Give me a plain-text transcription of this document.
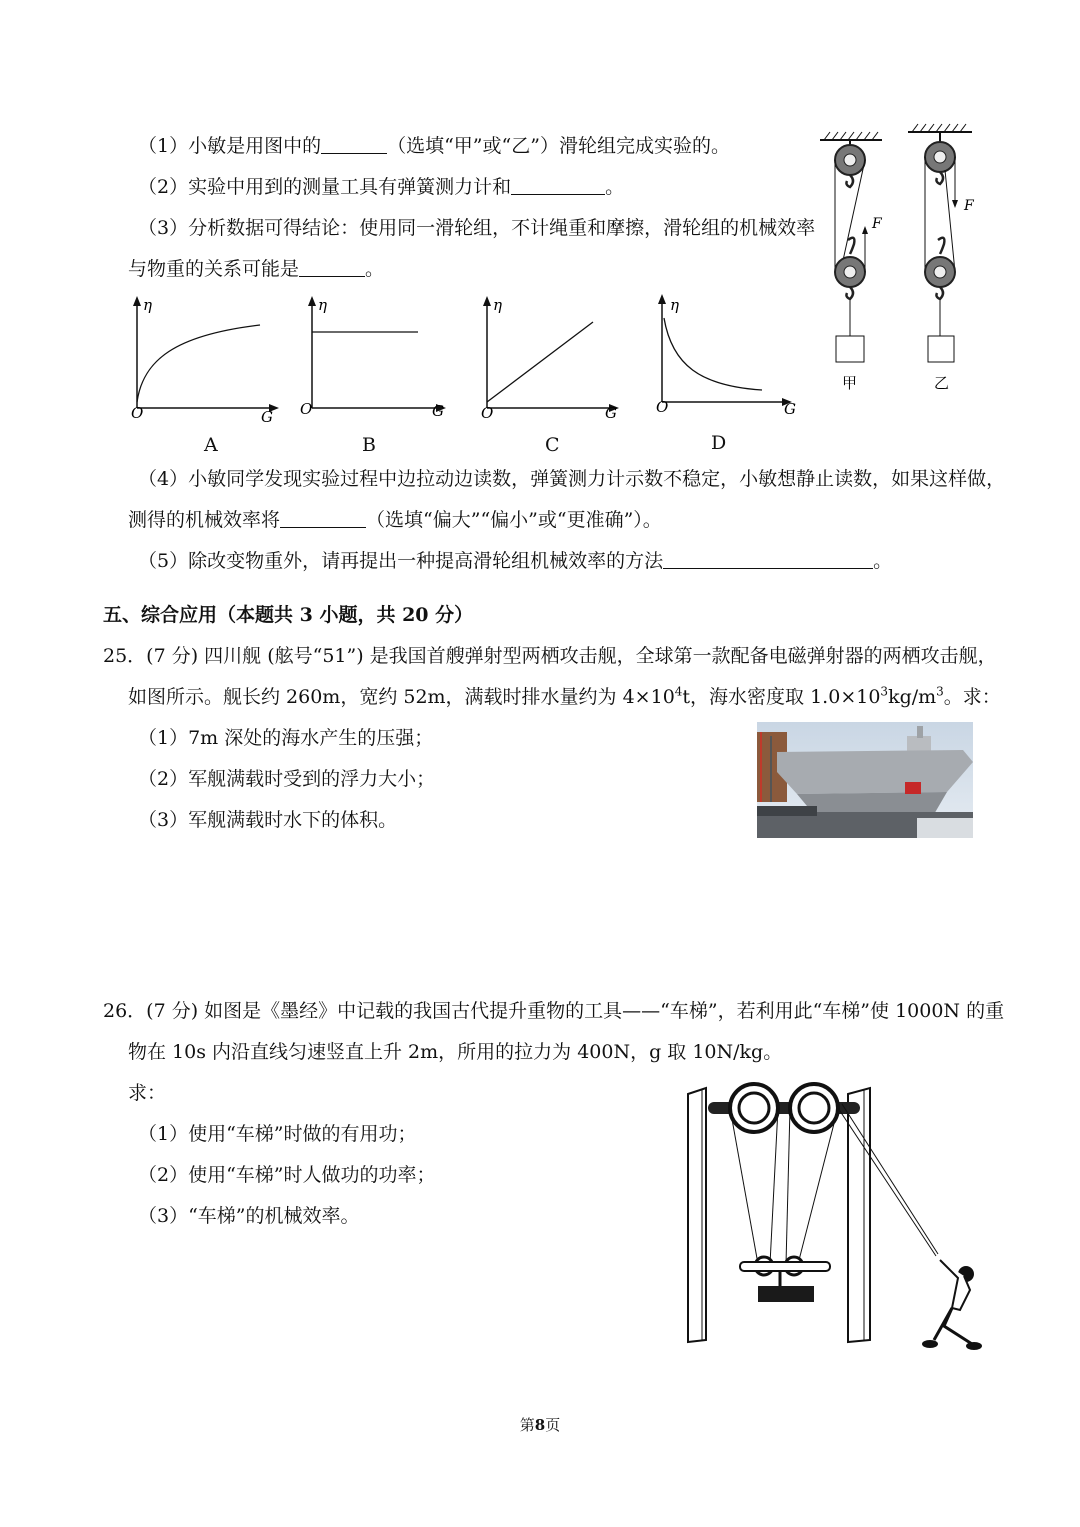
（1）小敏是用图中的	（选填“甲”或“乙”）滑轮组完成实验的。
（2）实验中用到的测量工具有弹簧测力计和	。
（3）分析数据可得结论：使用同一滑轮组，不计绳重和摩擦，滑轮组的机械效率
与物重的关系可能是	。
η
O	G
η
O	G
η
O	G
η
O	G
A	B	C	D
F
甲
F
乙
（4）小敏同学发现实验过程中边拉动边读数，弹簧测力计示数不稳定，小敏想静止读数，如果这样做，
测得的机械效率将	（选填“偏大”“偏小”或“更准确”）。
（5）除改变物重外，请再提出一种提高滑轮组机械效率的方法	。
五、综合应用（本题共 3 小题，共 20 分）
25．(7 分) 四川舰 (舷号“51”) 是我国首艘弹射型两栖攻击舰，全球第一款配备电磁弹射器的两栖攻击舰，
如图所示。舰长约 260m，宽约 52m，满载时排水量约为 $4\times 10^4t$，海水密度取 $1.0\times 10^3kg/m^3$。求：
（1）7m 深处的海水产生的压强；
（2）军舰满载时受到的浮力大小；
（3）军舰满载时水下的体积。
26．(7 分) 如图是《墨经》中记载的我国古代提升重物的工具——“车梯”，若利用此“车梯”使 1000N 的重
物在 10s 内沿直线匀速竖直上升 2m，所用的拉力为 400N，g 取 10N/kg。
求：
（1）使用“车梯”时做的有用功；
（2）使用“车梯”时人做功的功率；
（3）“车梯”的机械效率。
第8页
